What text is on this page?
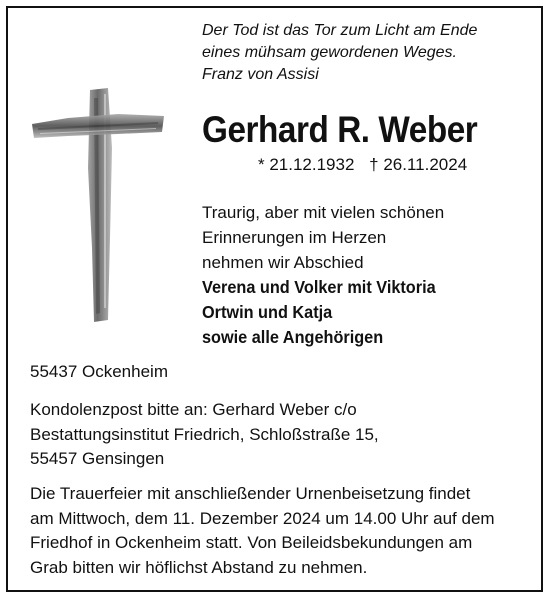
Der Tod ist das Tor zum Licht am Ende
eines mühsam gewordenen Weges.
Franz von Assisi
Gerhard R. Weber
* 21.12.1932 † 26.11.2024
Traurig, aber mit vielen schönen
Erinnerungen im Herzen
nehmen wir Abschied
Verena und Volker mit Viktoria
Ortwin und Katja
sowie alle Angehörigen
55437 Ockenheim
Kondolenzpost bitte an: Gerhard Weber c/o
Bestattungsinstitut Friedrich, Schloßstraße 15,
55457 Gensingen
Die Trauerfeier mit anschließender Urnenbeisetzung findet
am Mittwoch, dem 11. Dezember 2024 um 14.00 Uhr auf dem
Friedhof in Ockenheim statt. Von Beileidsbekundungen am
Grab bitten wir höflichst Abstand zu nehmen.
